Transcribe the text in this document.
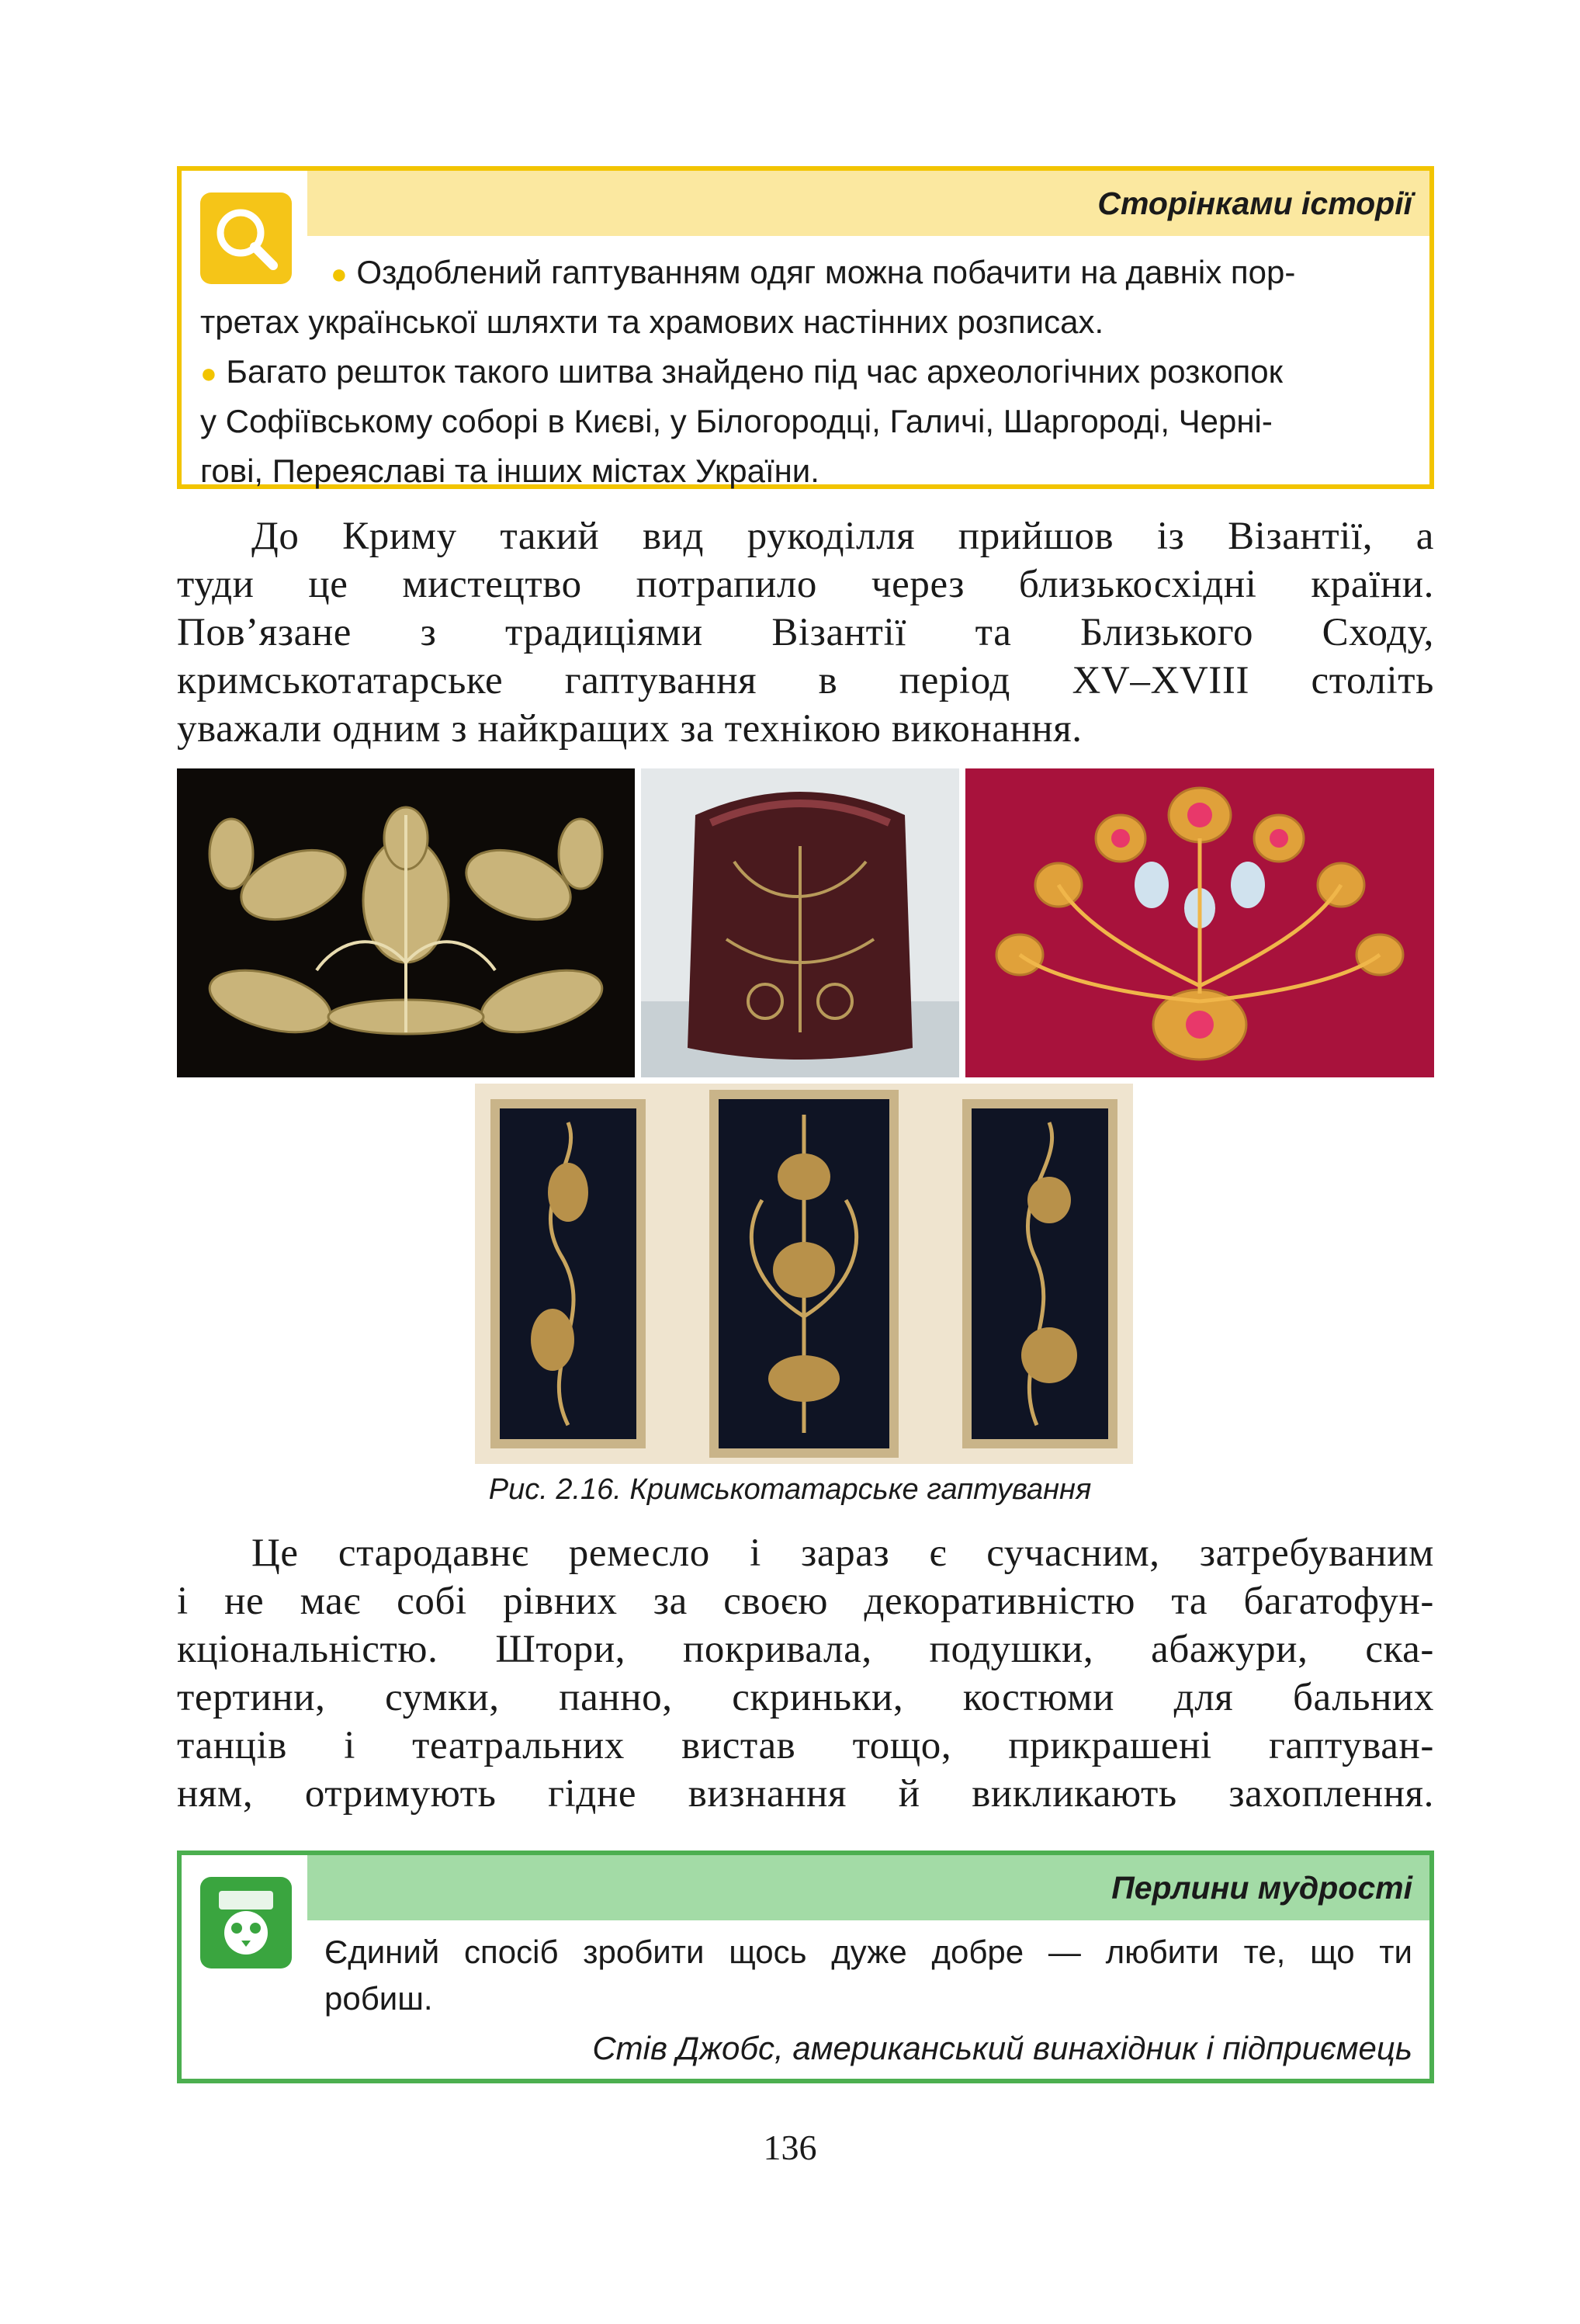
Сторінками історії
● Оздоблений гаптуванням одяг можна побачити на давніх пор-
третах української шляхти та храмових настінних розписах.
● Багато решток такого шитва знайдено під час археологічних розкопок
у Софіївському соборі в Києві, у Білогородці, Галичі, Шаргороді, Черні-
гові, Переяславі та інших містах України.
До Криму такий вид рукоділля прийшов із Візантії, а
туди це мистецтво потрапило через близькосхідні країни.
Пов’язане з традиціями Візантії та Близького Сходу,
кримськотатарське гаптування в період XV–XVIII століть
уважали одним з найкращих за технікою виконання.
Рис. 2.16. Кримськотатарське гаптування
Це стародавнє ремесло і зараз є сучасним, затребуваним
і не має собі рівних за своєю декоративністю та багатофун-
кціональністю. Штори, покривала, подушки, абажури, ска-
тертини, сумки, панно, скриньки, костюми для бальних
танців і театральних вистав тощо, прикрашені гаптуван-
ням, отримують гідне визнання й викликають захоплення.
Перлини мудрості
Єдиний спосіб зробити щось дуже добре — любити те, що ти
робиш.
Стів Джобс, американський винахідник і підприємець
136
